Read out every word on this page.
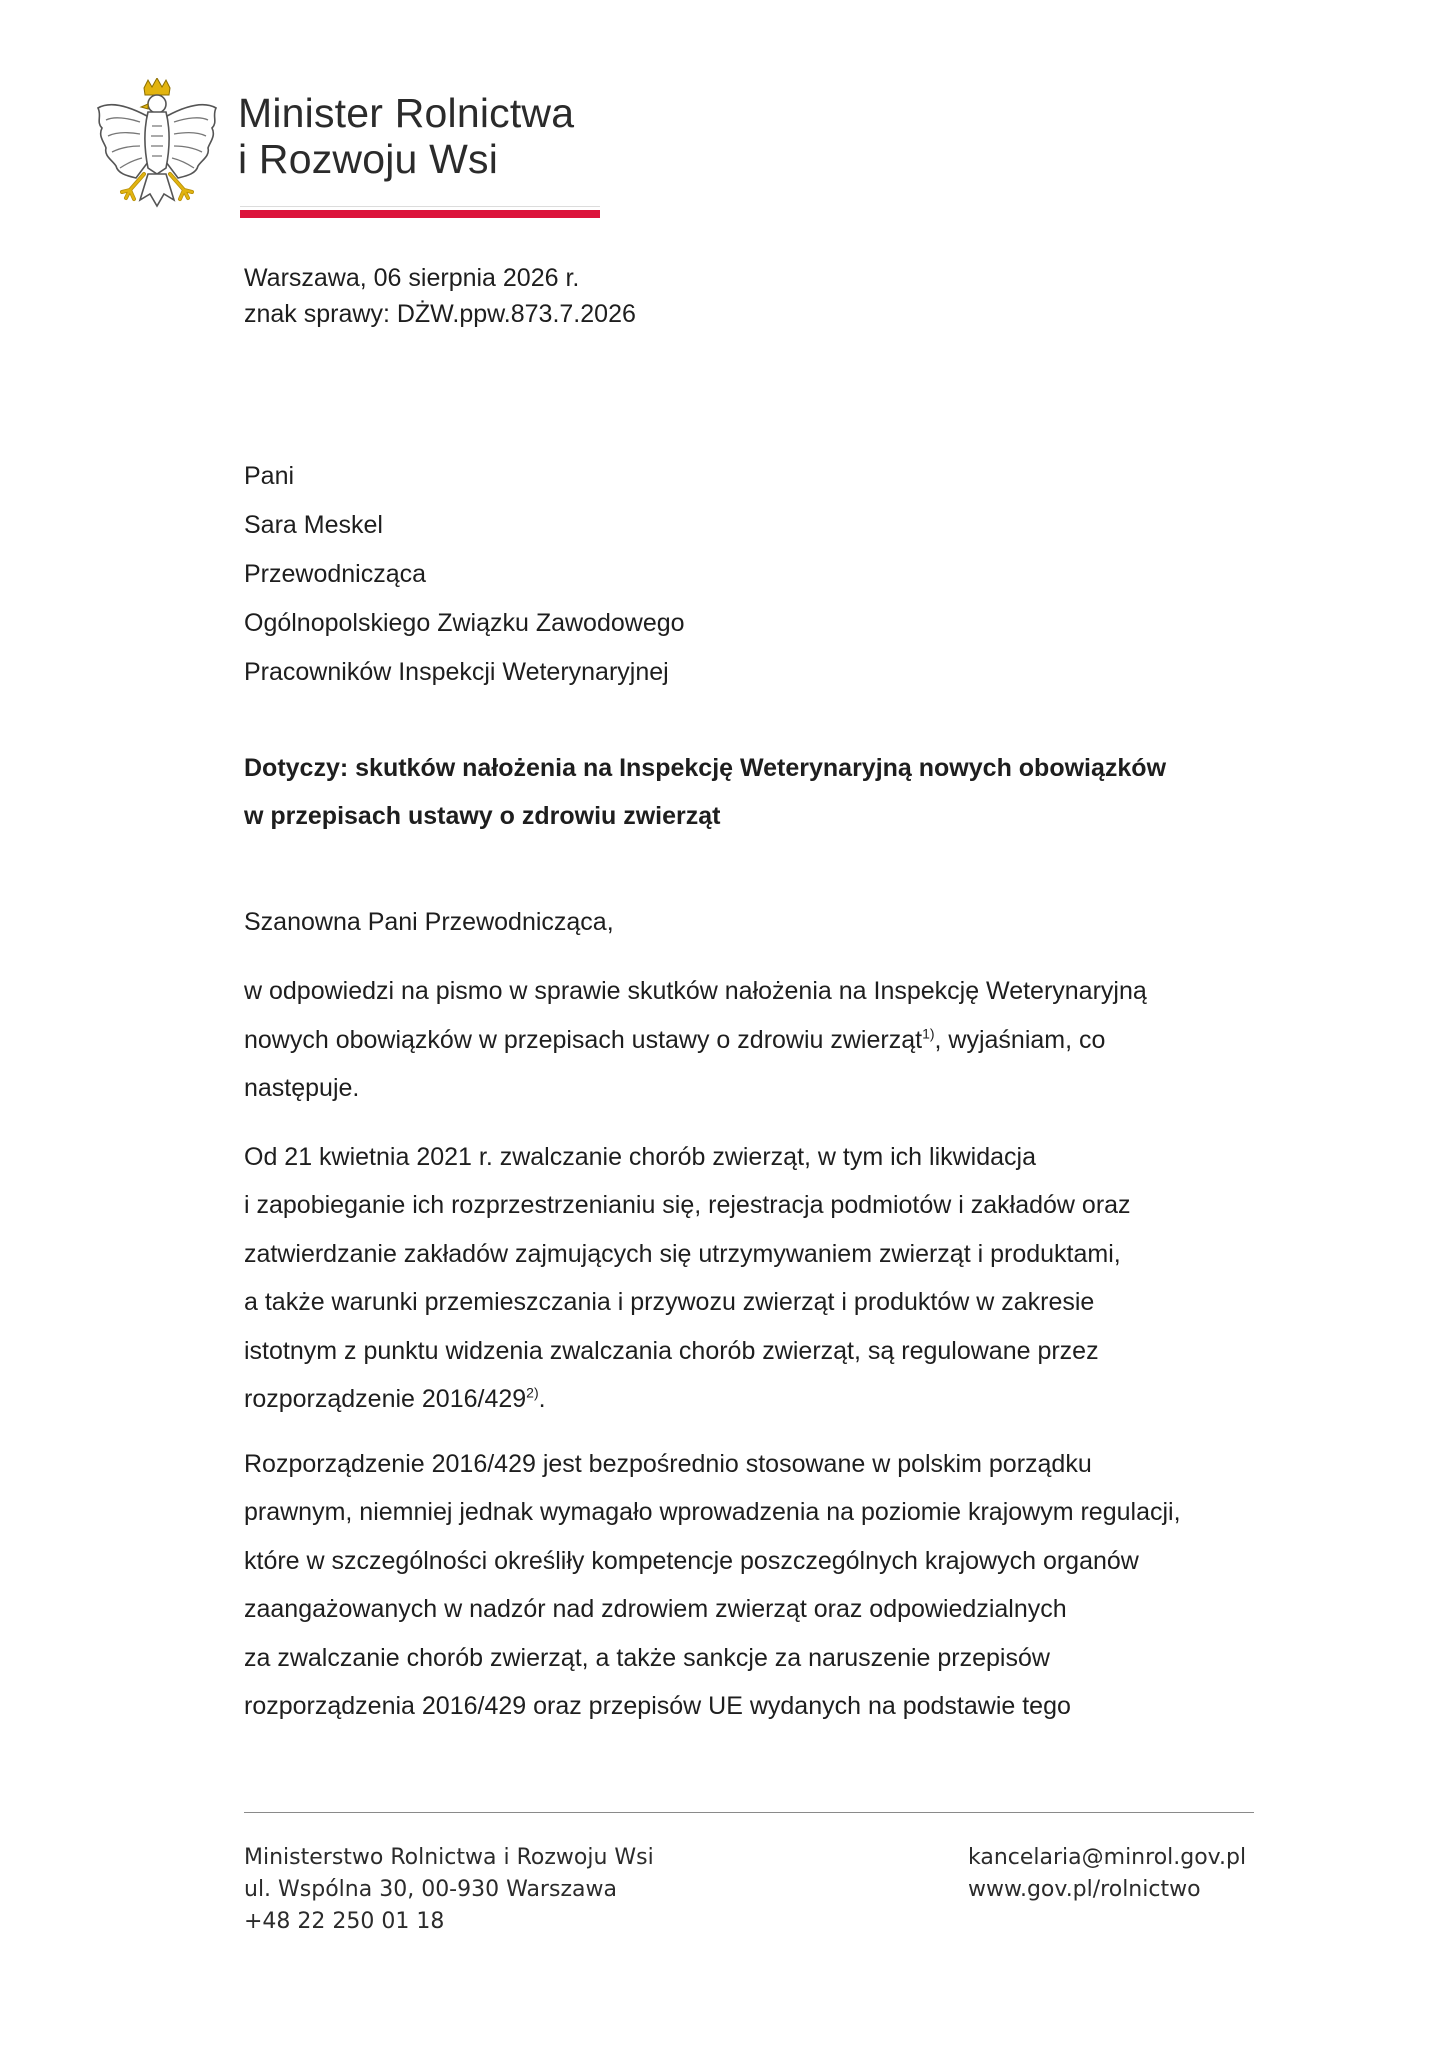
Minister Rolnictwa
i Rozwoju Wsi
Warszawa, 06 sierpnia 2026 r.
znak sprawy: DŻW.ppw.873.7.2026
Pani
Sara Meskel
Przewodnicząca
Ogólnopolskiego Związku Zawodowego
Pracowników Inspekcji Weterynaryjnej
Dotyczy: skutków nałożenia na Inspekcję Weterynaryjną nowych obowiązków
w przepisach ustawy o zdrowiu zwierząt
Szanowna Pani Przewodnicząca,
w odpowiedzi na pismo w sprawie skutków nałożenia na Inspekcję Weterynaryjną
nowych obowiązków w przepisach ustawy o zdrowiu zwierząt$^{1)}$, wyjaśniam, co
następuje.
Od 21 kwietnia 2021 r. zwalczanie chorób zwierząt, w tym ich likwidacja
i zapobieganie ich rozprzestrzenianiu się, rejestracja podmiotów i zakładów oraz
zatwierdzanie zakładów zajmujących się utrzymywaniem zwierząt i produktami,
a także warunki przemieszczania i przywozu zwierząt i produktów w zakresie
istotnym z punktu widzenia zwalczania chorób zwierząt, są regulowane przez
rozporządzenie 2016/429$^{2)}$.
Rozporządzenie 2016/429 jest bezpośrednio stosowane w polskim porządku
prawnym, niemniej jednak wymagało wprowadzenia na poziomie krajowym regulacji,
które w szczególności określiły kompetencje poszczególnych krajowych organów
zaangażowanych w nadzór nad zdrowiem zwierząt oraz odpowiedzialnych
za zwalczanie chorób zwierząt, a także sankcje za naruszenie przepisów
rozporządzenia 2016/429 oraz przepisów UE wydanych na podstawie tego
Ministerstwo Rolnictwa i Rozwoju Wsi
ul. Wspólna 30, 00-930 Warszawa
+48 22 250 01 18
kancelaria@minrol.gov.pl
www.gov.pl/rolnictwo
